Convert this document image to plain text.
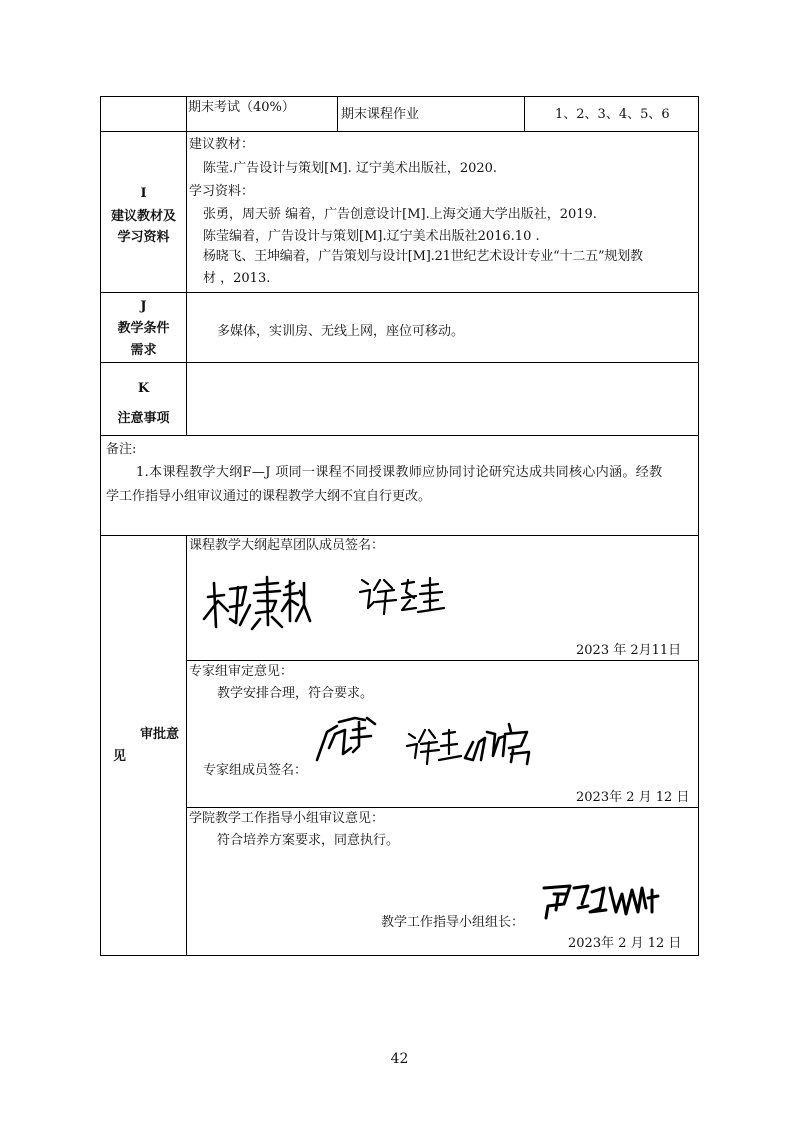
期末考试（40%）	期末课程作业	1、2、3、4、5、6
I
建议教材及
学习资料
建议教材：
陈莹.广告设计与策划[M]. 辽宁美术出版社，2020.
学习资料：
张勇，周天骄 编着，广告创意设计[M].上海交通大学出版社，2019.
陈莹编着，广告设计与策划[M].辽宁美术出版社2016.10 .
杨晓飞、王坤编着，广告策划与设计[M].21世纪艺术设计专业“十二五”规划教
材 ，2013.
J
教学条件
需求
多媒体，实训房、无线上网，座位可移动。
K
注意事项
备注:
1.本课程教学大纲F—J 项同一课程不同授课教师应协同讨论研究达成共同核心内涵。经教
学工作指导小组审议通过的课程教学大纲不宜自行更改。
审批意
见
课程教学大纲起草团队成员签名：
2023 年 2月11日
专家组审定意见：
教学安排合理，符合要求。
专家组成员签名：
2023年 2 月 12 日
学院教学工作指导小组审议意见：
符合培养方案要求，同意执行。
教学工作指导小组组长：
2023年 2 月 12 日
42
